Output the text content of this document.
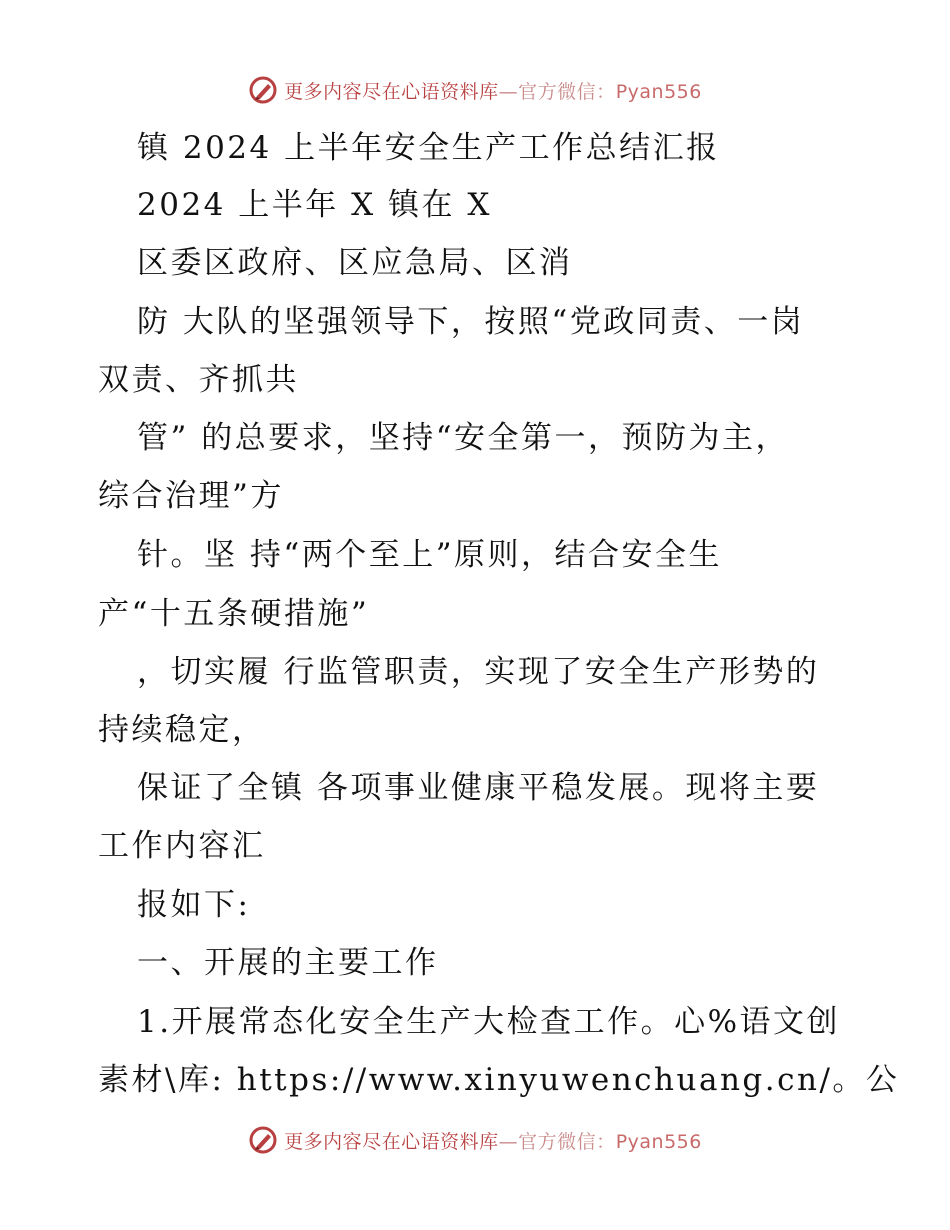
更多内容尽在心语资料库—官方微信：Pyan556
镇 2024 上半年安全生产工作总结汇报
2024 上半年 X 镇在 X
区委区政府、区应急局、区消
防 大队的坚强领导下，按照“党政同责、一岗
双责、齐抓共
管” 的总要求，坚持“安全第一，预防为主，
综合治理”方
针。坚 持“两个至上”原则，结合安全生
产“十五条硬措施”
，切实履 行监管职责，实现了安全生产形势的
持续稳定，
保证了全镇 各项事业健康平稳发展。现将主要
工作内容汇
报如下:
一、开展的主要工作
1.开展常态化安全生产大检查工作。心%语文创
素材\库: https://www.xinyuwenchuang.cn/。公
更多内容尽在心语资料库—官方微信：Pyan556
